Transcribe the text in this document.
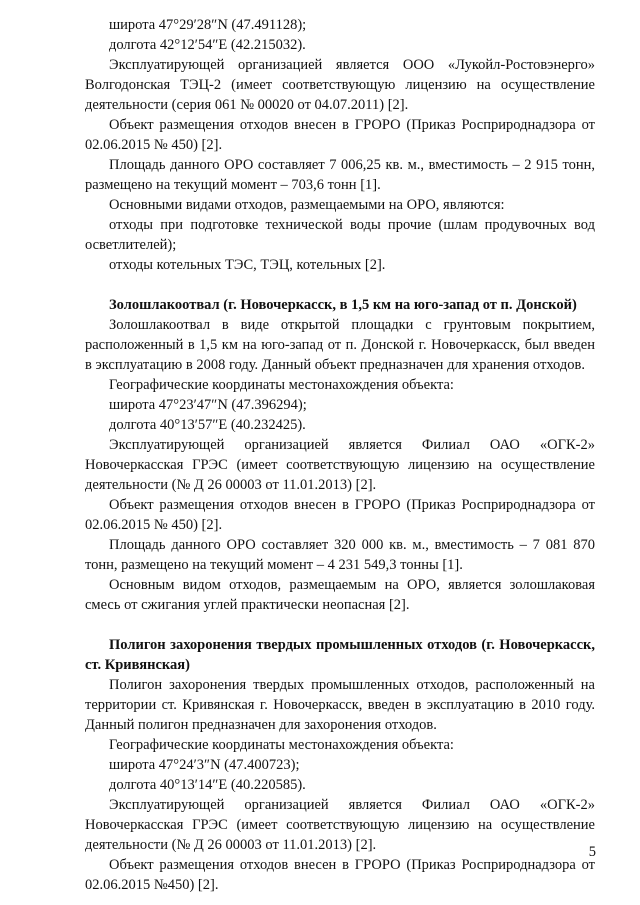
широта 47°29′28″N (47.491128);

долгота 42°12′54″E (42.215032).

Эксплуатирующей организацией является ООО «Лукойл-Ростовэнерго» Волгодонская ТЭЦ-2 (имеет соответствующую лицензию на осуществление деятельности (серия 061 № 00020 от 04.07.2011) [2].

Объект размещения отходов внесен в ГРОРО (Приказ Росприроднадзора от 02.06.2015 № 450) [2].

Площадь данного ОРО составляет 7 006,25 кв. м., вместимость – 2 915 тонн, размещено на текущий момент – 703,6 тонн [1].

Основными видами отходов, размещаемыми на ОРО, являются:

отходы при подготовке технической воды прочие (шлам продувочных вод осветлителей);

отходы котельных ТЭС, ТЭЦ, котельных [2].

Золошлакоотвал (г. Новочеркасск, в 1,5 км на юго-запад от п. Донской)

Золошлакоотвал в виде открытой площадки с грунтовым покрытием, расположенный в 1,5 км на юго-запад от п. Донской г. Новочеркасск, был введен в эксплуатацию в 2008 году. Данный объект предназначен для хранения отходов.

Географические координаты местонахождения объекта:

широта 47°23′47″N (47.396294);

долгота 40°13′57″E (40.232425).

Эксплуатирующей организацией является Филиал ОАО «ОГК-2» Новочеркасская ГРЭС (имеет соответствующую лицензию на осуществление деятельности (№ Д 26 00003 от 11.01.2013) [2].

Объект размещения отходов внесен в ГРОРО (Приказ Росприроднадзора от 02.06.2015 № 450) [2].

Площадь данного ОРО составляет 320 000 кв. м., вместимость – 7 081 870 тонн, размещено на текущий момент – 4 231 549,3 тонны [1].

Основным видом отходов, размещаемым на ОРО, является золошлаковая смесь от сжигания углей практически неопасная [2].

Полигон захоронения твердых промышленных отходов (г. Новочеркасск, ст. Кривянская)

Полигон захоронения твердых промышленных отходов, расположенный на территории ст. Кривянская г. Новочеркасск, введен в эксплуатацию в 2010 году. Данный полигон предназначен для захоронения отходов.

Географические координаты местонахождения объекта:

широта 47°24′3″N (47.400723);

долгота 40°13′14″E (40.220585).

Эксплуатирующей организацией является Филиал ОАО «ОГК-2» Новочеркасская ГРЭС (имеет соответствующую лицензию на осуществление деятельности (№ Д 26 00003 от 11.01.2013) [2].

Объект размещения отходов внесен в ГРОРО (Приказ Росприроднадзора от 02.06.2015 №450) [2].

5
